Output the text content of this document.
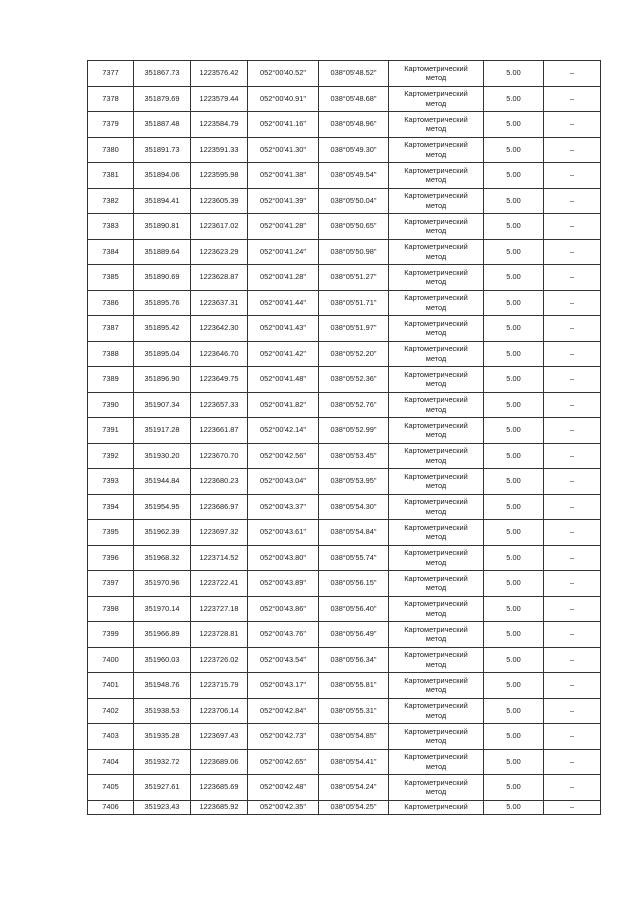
7377	351867.73	1223576.42	052°00'40.52"	038°05'48.52"	Картометрический
метод	5.00	–
7378	351879.69	1223579.44	052°00'40.91"	038°05'48.68"	Картометрический
метод	5.00	–
7379	351887.48	1223584.79	052°00'41.16"	038°05'48.96"	Картометрический
метод	5.00	–
7380	351891.73	1223591.33	052°00'41.30"	038°05'49.30"	Картометрический
метод	5.00	–
7381	351894.06	1223595.98	052°00'41.38"	038°05'49.54"	Картометрический
метод	5.00	–
7382	351894.41	1223605.39	052°00'41.39"	038°05'50.04"	Картометрический
метод	5.00	–
7383	351890.81	1223617.02	052°00'41.28"	038°05'50.65"	Картометрический
метод	5.00	–
7384	351889.64	1223623.29	052°00'41.24"	038°05'50.98"	Картометрический
метод	5.00	–
7385	351890.69	1223628.87	052°00'41.28"	038°05'51.27"	Картометрический
метод	5.00	–
7386	351895.76	1223637.31	052°00'41.44"	038°05'51.71"	Картометрический
метод	5.00	–
7387	351895.42	1223642.30	052°00'41.43"	038°05'51.97"	Картометрический
метод	5.00	–
7388	351895.04	1223646.70	052°00'41.42"	038°05'52.20"	Картометрический
метод	5.00	–
7389	351896.90	1223649.75	052°00'41.48"	038°05'52.36"	Картометрический
метод	5.00	–
7390	351907.34	1223657.33	052°00'41.82"	038°05'52.76"	Картометрический
метод	5.00	–
7391	351917.28	1223661.87	052°00'42.14"	038°05'52.99"	Картометрический
метод	5.00	–
7392	351930.20	1223670.70	052°00'42.56"	038°05'53.45"	Картометрический
метод	5.00	–
7393	351944.84	1223680.23	052°00'43.04"	038°05'53.95"	Картометрический
метод	5.00	–
7394	351954.95	1223686.97	052°00'43.37"	038°05'54.30"	Картометрический
метод	5.00	–
7395	351962.39	1223697.32	052°00'43.61"	038°05'54.84"	Картометрический
метод	5.00	–
7396	351968.32	1223714.52	052°00'43.80"	038°05'55.74"	Картометрический
метод	5.00	–
7397	351970.96	1223722.41	052°00'43.89"	038°05'56.15"	Картометрический
метод	5.00	–
7398	351970.14	1223727.18	052°00'43.86"	038°05'56.40"	Картометрический
метод	5.00	–
7399	351966.89	1223728.81	052°00'43.76"	038°05'56.49"	Картометрический
метод	5.00	–
7400	351960.03	1223726.02	052°00'43.54"	038°05'56.34"	Картометрический
метод	5.00	–
7401	351948.76	1223715.79	052°00'43.17"	038°05'55.81"	Картометрический
метод	5.00	–
7402	351938.53	1223706.14	052°00'42.84"	038°05'55.31"	Картометрический
метод	5.00	–
7403	351935.28	1223697.43	052°00'42.73"	038°05'54.85"	Картометрический
метод	5.00	–
7404	351932.72	1223689.06	052°00'42.65"	038°05'54.41"	Картометрический
метод	5.00	–
7405	351927.61	1223685.69	052°00'42.48"	038°05'54.24"	Картометрический
метод	5.00	–
7406	351923.43	1223685.92	052°00'42.35"	038°05'54.25"	Картометрический	5.00	–
